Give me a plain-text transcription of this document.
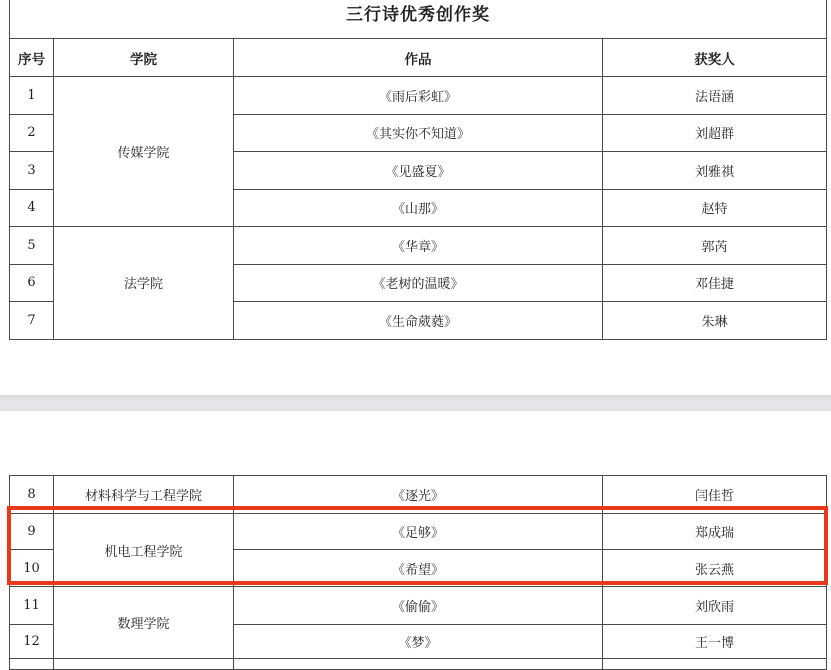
三行诗优秀创作奖			
序号	学院	作品	获奖人
1	传媒学院	《雨后彩虹》	法语涵
2		《其实你不知道》	刘超群
3		《见盛夏》	刘雅祺
4		《山那》	赵特
5	法学院	《华章》	郭芮
6		《老树的温暖》	邓佳捷
7		《生命葳蕤》	朱琳
8	材料科学与工程学院	《逐光》	闫佳哲
9	机电工程学院	《足够》	郑成瑞
10		《希望》	张云燕
11	数理学院	《偷偷》	刘欣雨
12		《梦》	王一博
